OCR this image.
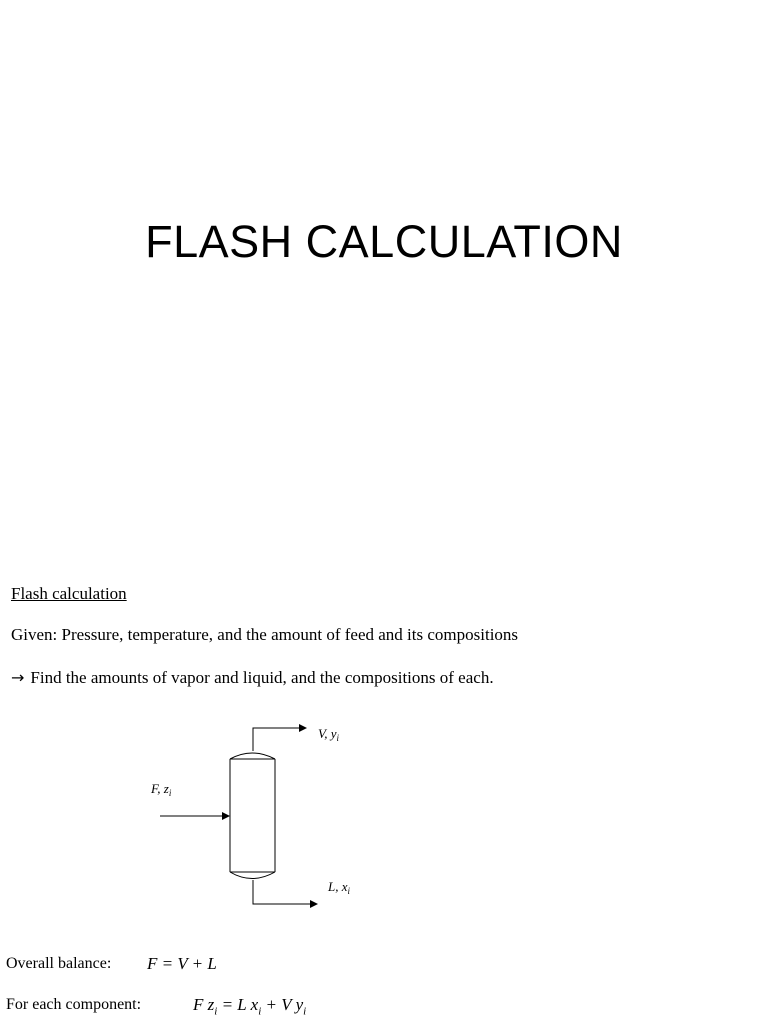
FLASH CALCULATION
Flash calculation
Given: Pressure, temperature, and the amount of feed and its compositions
→ Find the amounts of vapor and liquid, and the compositions of each.
V, $y_i$
F, $z_i$
L, $x_i$
Overall balance: F = V + L
For each component:	F $z_i = L$ $x_i + V$ $y_i$
